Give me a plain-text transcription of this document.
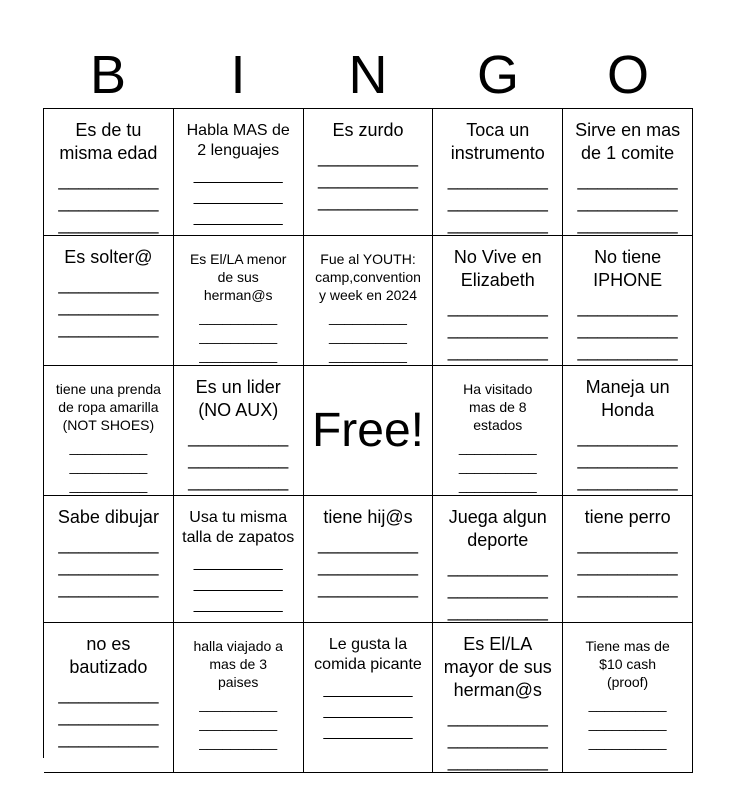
B	I	N	G	O
Es de tu
misma edad
__________
__________
__________
Habla MAS de
2 lenguajes
__________
__________
__________
Es zurdo
__________
__________
__________
Toca un
instrumento
__________
__________
__________
Sirve en mas
de 1 comite
__________
__________
__________
Es solter@
__________
__________
__________
Es El/LA menor
de sus
herman@s
__________
__________
__________
Fue al YOUTH:
camp,convention
y week en 2024
__________
__________
__________
No Vive en
Elizabeth
__________
__________
__________
No tiene
IPHONE
__________
__________
__________
tiene una prenda
de ropa amarilla
(NOT SHOES)
__________
__________
__________
Es un lider
(NO AUX)
__________
__________
__________
Free!
Ha visitado
mas de 8
estados
__________
__________
__________
Maneja un
Honda
__________
__________
__________
Sabe dibujar
__________
__________
__________
Usa tu misma
talla de zapatos
__________
__________
__________
tiene hij@s
__________
__________
__________
Juega algun
deporte
__________
__________
__________
tiene perro
__________
__________
__________
no es
bautizado
__________
__________
__________
halla viajado a
mas de 3
paises
__________
__________
__________
Le gusta la
comida picante
__________
__________
__________
Es El/LA
mayor de sus
herman@s
__________
__________
__________
Tiene mas de
$10 cash
(proof)
__________
__________
__________
